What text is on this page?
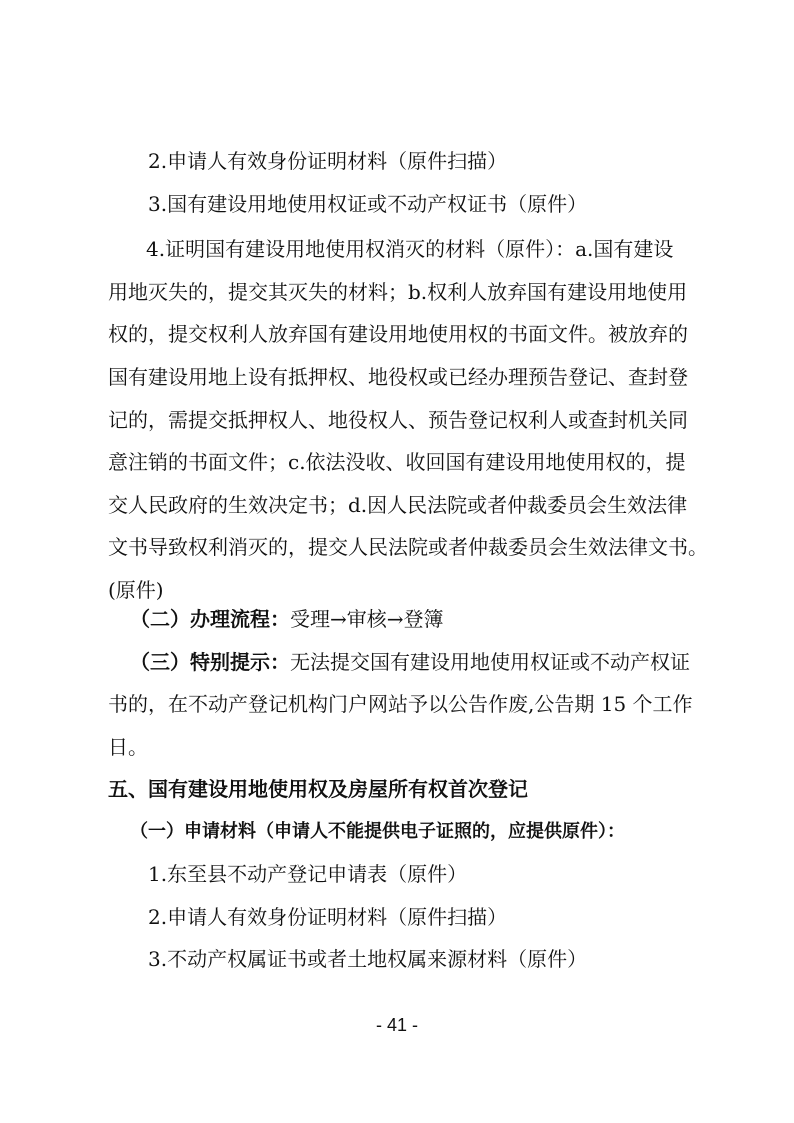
2.申请人有效身份证明材料（原件扫描）
3.国有建设用地使用权证或不动产权证书（原件）

4.证明国有建设用地使用权消灭的材料（原件）：a.国有建设

用地灭失的，提交其灭失的材料；b.权利人放弃国有建设用地使用

权的，提交权利人放弃国有建设用地使用权的书面文件。被放弃的

国有建设用地上设有抵押权、地役权或已经办理预告登记、查封登

记的，需提交抵押权人、地役权人、预告登记权利人或查封机关同

意注销的书面文件；c.依法没收、收回国有建设用地使用权的，提

交人民政府的生效决定书；d.因人民法院或者仲裁委员会生效法律

文书导致权利消灭的，提交人民法院或者仲裁委员会生效法律文书。

(原件)

（二）办理流程：受理→审核→登簿
（三）特别提示：无法提交国有建设用地使用权证或不动产权证
书的，在不动产登记机构门户网站予以公告作废,公告期 15 个工作
日。
五、国有建设用地使用权及房屋所有权首次登记
（一）申请材料（申请人不能提供电子证照的，应提供原件）：
1.东至县不动产登记申请表（原件）
2.申请人有效身份证明材料（原件扫描）
3.不动产权属证书或者土地权属来源材料（原件）
- 41 -
